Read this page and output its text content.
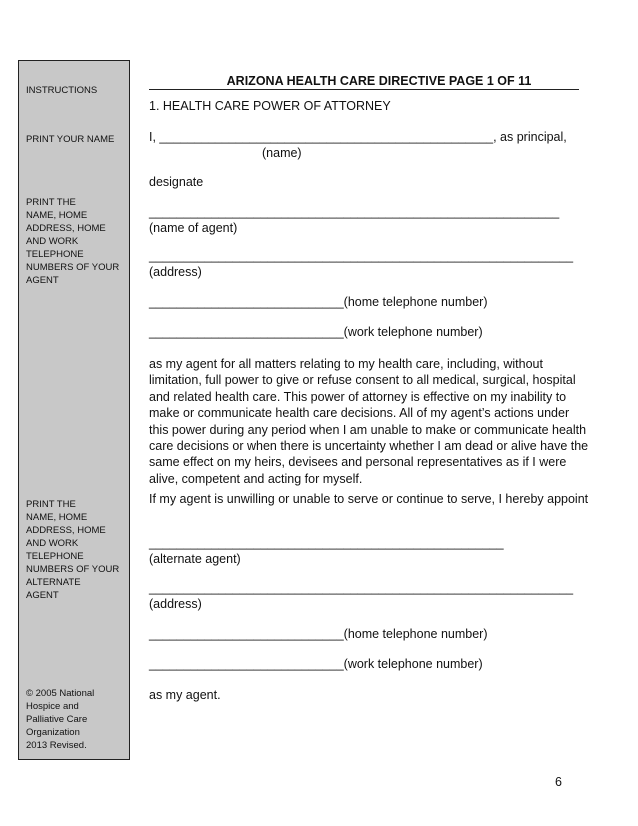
INSTRUCTIONS
PRINT YOUR NAME
PRINT THE
NAME, HOME
ADDRESS, HOME
AND WORK
TELEPHONE
NUMBERS OF YOUR
AGENT
PRINT THE
NAME, HOME
ADDRESS, HOME
AND WORK
TELEPHONE
NUMBERS OF YOUR
ALTERNATE
AGENT
© 2005 National
Hospice and
Palliative Care
Organization
2013 Revised.
ARIZONA HEALTH CARE DIRECTIVE PAGE 1 OF 11
1. HEALTH CARE POWER OF ATTORNEY
I, ________________________________________________, as principal,
(name)
designate
___________________________________________________________
(name of agent)
_____________________________________________________________
(address)
____________________________(home telephone number)
____________________________(work telephone number)
as my agent for all matters relating to my health care, including, without limitation, full power to give or refuse consent to all medical, surgical, hospital and related health care. This power of attorney is effective on my inability to make or communicate health care decisions. All of my agent’s actions under this power during any period when I am unable to make or communicate health care decisions or when there is uncertainty whether I am dead or alive have the same effect on my heirs, devisees and personal representatives as if I were alive, competent and acting for myself.
If my agent is unwilling or unable to serve or continue to serve, I hereby appoint
___________________________________________________
(alternate agent)
_____________________________________________________________
(address)
____________________________(home telephone number)
____________________________(work telephone number)
as my agent.
6
